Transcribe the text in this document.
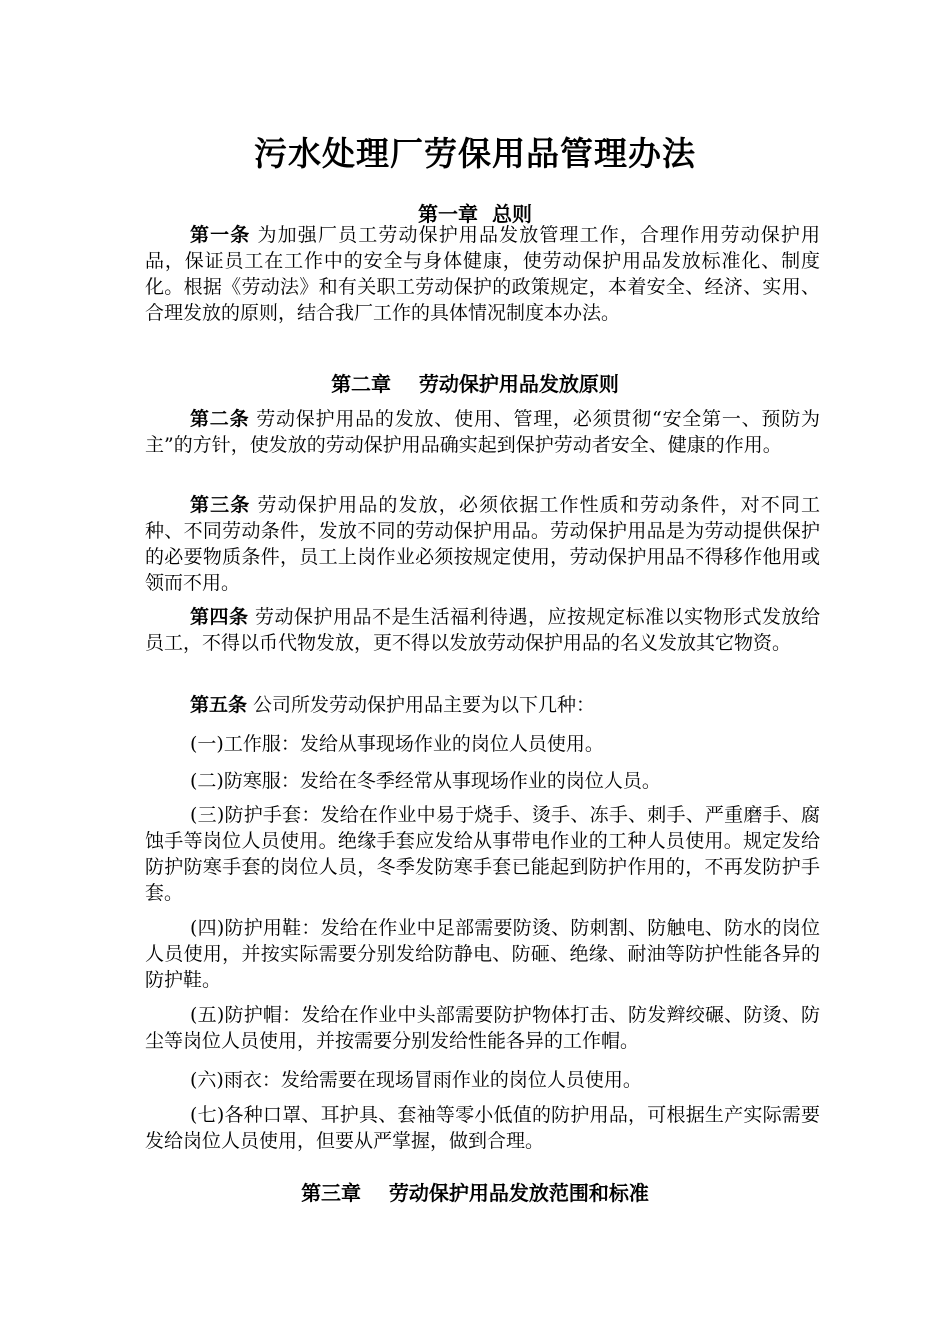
污水处理厂劳保用品管理办法
第一章  总则

第一条 为加强厂员工劳动保护用品发放管理工作，合理作用劳动保护用品，保证员工在工作中的安全与身体健康，使劳动保护用品发放标准化、制度化。根据《劳动法》和有关职工劳动保护的政策规定，本着安全、经济、实用、合理发放的原则，结合我厂工作的具体情况制度本办法。

第二章    劳动保护用品发放原则

第二条 劳动保护用品的发放、使用、管理，必须贯彻“安全第一、预防为主”的方针，使发放的劳动保护用品确实起到保护劳动者安全、健康的作用。

第三条 劳动保护用品的发放，必须依据工作性质和劳动条件，对不同工种、不同劳动条件，发放不同的劳动保护用品。劳动保护用品是为劳动提供保护的必要物质条件，员工上岗作业必须按规定使用，劳动保护用品不得移作他用或领而不用。

第四条 劳动保护用品不是生活福利待遇，应按规定标准以实物形式发放给员工，不得以币代物发放，更不得以发放劳动保护用品的名义发放其它物资。

第五条 公司所发劳动保护用品主要为以下几种：

(一)工作服：发给从事现场作业的岗位人员使用。

(二)防寒服：发给在冬季经常从事现场作业的岗位人员。

(三)防护手套：发给在作业中易于烧手、烫手、冻手、刺手、严重磨手、腐蚀手等岗位人员使用。绝缘手套应发给从事带电作业的工种人员使用。规定发给防护防寒手套的岗位人员，冬季发防寒手套已能起到防护作用的，不再发防护手套。

(四)防护用鞋：发给在作业中足部需要防烫、防刺割、防触电、防水的岗位人员使用，并按实际需要分别发给防静电、防砸、绝缘、耐油等防护性能各异的防护鞋。

(五)防护帽：发给在作业中头部需要防护物体打击、防发辫绞碾、防烫、防尘等岗位人员使用，并按需要分别发给性能各异的工作帽。

(六)雨衣：发给需要在现场冒雨作业的岗位人员使用。

(七)各种口罩、耳护具、套袖等零小低值的防护用品，可根据生产实际需要发给岗位人员使用，但要从严掌握，做到合理。

第三章    劳动保护用品发放范围和标准
